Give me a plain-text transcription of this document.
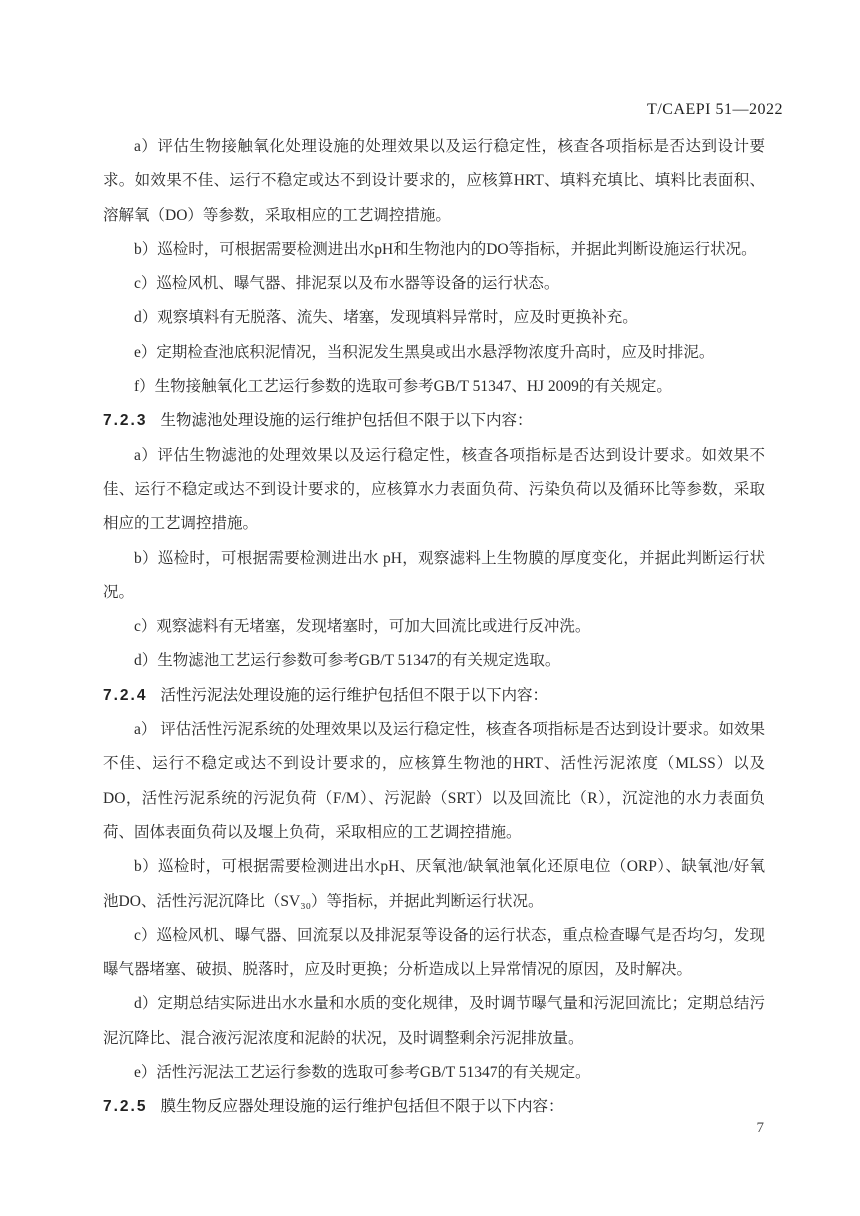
T/CAEPI 51—2022

a）评估生物接触氧化处理设施的处理效果以及运行稳定性，核查各项指标是否达到设计要求。如效果不佳、运行不稳定或达不到设计要求的，应核算HRT、填料充填比、填料比表面积、溶解氧（DO）等参数，采取相应的工艺调控措施。

b）巡检时，可根据需要检测进出水pH和生物池内的DO等指标，并据此判断设施运行状况。

c）巡检风机、曝气器、排泥泵以及布水器等设备的运行状态。

d）观察填料有无脱落、流失、堵塞，发现填料异常时，应及时更换补充。

e）定期检查池底积泥情况，当积泥发生黑臭或出水悬浮物浓度升高时，应及时排泥。

f）生物接触氧化工艺运行参数的选取可参考GB/T 51347、HJ 2009的有关规定。

7.2.3 生物滤池处理设施的运行维护包括但不限于以下内容：

a）评估生物滤池的处理效果以及运行稳定性，核查各项指标是否达到设计要求。如效果不佳、运行不稳定或达不到设计要求的，应核算水力表面负荷、污染负荷以及循环比等参数，采取相应的工艺调控措施。

b）巡检时，可根据需要检测进出水 pH，观察滤料上生物膜的厚度变化，并据此判断运行状况。

c）观察滤料有无堵塞，发现堵塞时，可加大回流比或进行反冲洗。

d）生物滤池工艺运行参数可参考GB/T 51347的有关规定选取。

7.2.4 活性污泥法处理设施的运行维护包括但不限于以下内容：

a） 评估活性污泥系统的处理效果以及运行稳定性，核查各项指标是否达到设计要求。如效果不佳、运行不稳定或达不到设计要求的，应核算生物池的HRT、活性污泥浓度（MLSS）以及DO，活性污泥系统的污泥负荷（F/M）、污泥龄（SRT）以及回流比（R），沉淀池的水力表面负荷、固体表面负荷以及堰上负荷，采取相应的工艺调控措施。

b）巡检时，可根据需要检测进出水pH、厌氧池/缺氧池氧化还原电位（ORP）、缺氧池/好氧池DO、活性污泥沉降比（SV₃₀）等指标，并据此判断运行状况。

c）巡检风机、曝气器、回流泵以及排泥泵等设备的运行状态，重点检查曝气是否均匀，发现曝气器堵塞、破损、脱落时，应及时更换；分析造成以上异常情况的原因，及时解决。

d）定期总结实际进出水水量和水质的变化规律，及时调节曝气量和污泥回流比；定期总结污泥沉降比、混合液污泥浓度和泥龄的状况，及时调整剩余污泥排放量。

e）活性污泥法工艺运行参数的选取可参考GB/T 51347的有关规定。

7.2.5 膜生物反应器处理设施的运行维护包括但不限于以下内容：

7
